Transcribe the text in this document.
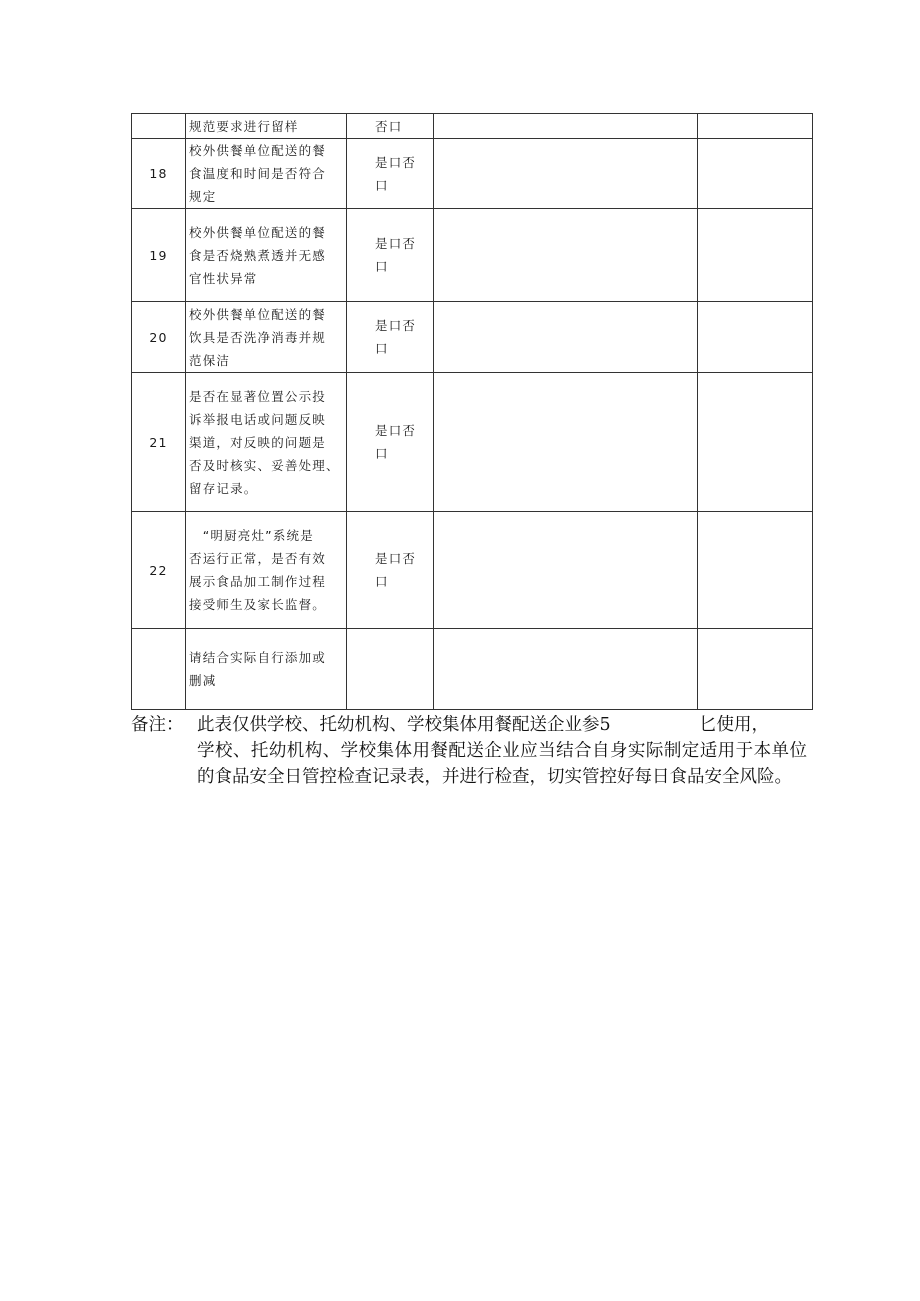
	规范要求进行留样	否口		

18	校外供餐单位配送的餐
食温度和时间是否符合
规定	是口否
口		

19	校外供餐单位配送的餐
食是否烧熟煮透并无感
官性状异常	是口否
口		

20	校外供餐单位配送的餐
饮具是否洗净消毒并规
范保洁	是口否
口		

21	是否在显著位置公示投
诉举报电话或问题反映
渠道，对反映的问题是
否及时核实、妥善处理、
留存记录。	是口否
口		

22	　“明厨亮灶”系统是
否运行正常，是否有效
展示食品加工制作过程
接受师生及家长监督。	是口否
口		

	请结合实际自行添加或
删减			

备注： 此表仅供学校、托幼机构、学校集体用餐配送企业参5	匕使用，
学校、托幼机构、学校集体用餐配送企业应当结合自身实际制定适用于本单位的食品安全日管控检查记录表，并进行检查，切实管控好每日食品安全风险。
